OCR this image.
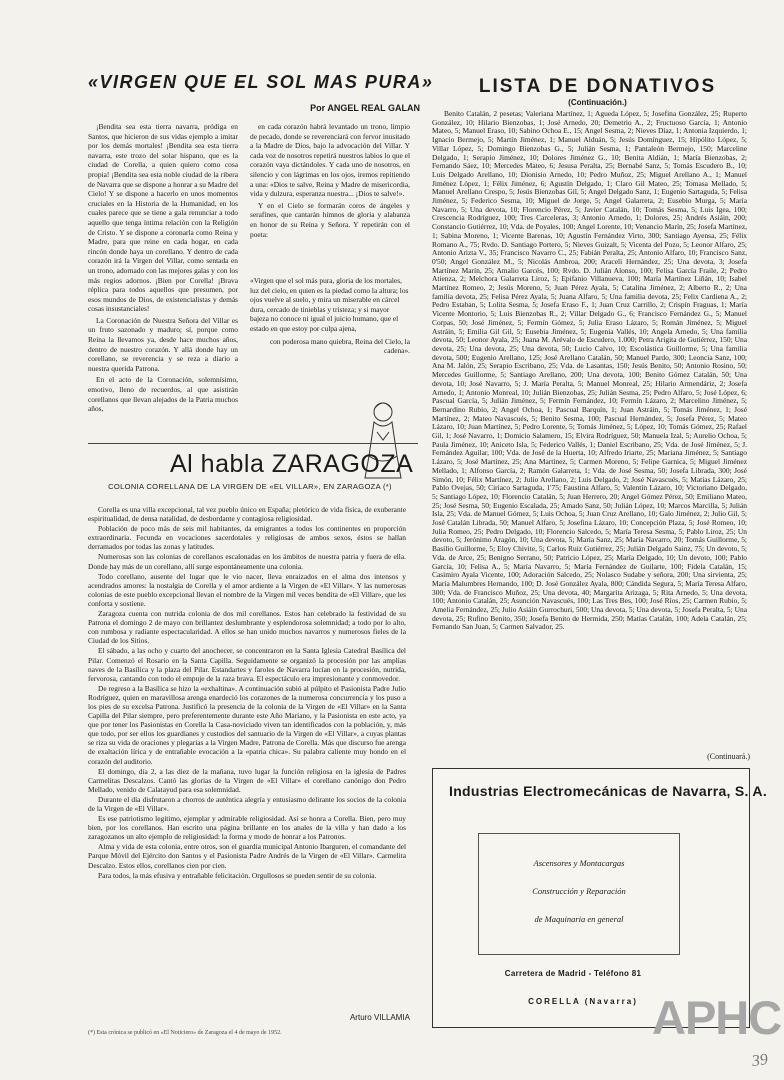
«VIRGEN QUE EL SOL MAS PURA»
Por ANGEL REAL GALAN

¡Bendita sea esta tierra navarra, pródiga en Santos, que hicieron de sus vidas ejemplo a imitar por los demás mortales! ¡Bendita sea esta tierra navarra, este trozo del solar hispano, que es la ciudad de Corella, a quien quiero como cosa propia! ¡Bendita sea esta noble ciudad de la ribera de Navarra que se dispone a honrar a su Madre del Cielo! Y se dispone a hacerlo en unos momentos cruciales en la Historia de la Humanidad, en los cuales parece que se tiene a gala renunciar a todo aquello que tenga íntima relación con la Religión de Cristo. Y se dispone a coronarla como Reina y Madre, para que reine en cada hogar, en cada rincón donde haya un corellano. Y dentro de cada corazón irá la Virgen del Villar, como sentada en un trono, adornado con las mejores galas y con los más regios adornos. ¡Bien por Corella! ¡Brava réplica para todos aquellos que presumen, por esos mundos de Dios, de existencialistas y demás cosas insustanciales!

La Coronación de Nuestra Señora del Villar es un fruto sazonado y maduro; sí, porque como Reina la llevamos ya, desde hace muchos años, dentro de nuestro corazón. Y allá donde hay un corellano, se reverencia y se reza a diario a nuestra querida Patrona.

En el acto de la Coronación, solemnísimo, emotivo, lleno de recuerdos, al que asistirán corellanos que llevan alejados de la Patria muchos años,

en cada corazón habrá levantado un trono, limpio de pecado, donde se reverenciará con fervor inusitado a la Madre de Dios, bajo la advocación del Villar. Y cada voz de nosotros repetirá nuestros labios lo que el corazón vaya dictándoles. Y cada uno de nosotros, en silencio y con lágrimas en los ojos, iremos repitiendo a una: «Dios te salve, Reina y Madre de misericordia, vida y dulzura, esperanza nuestra... ¡Dios te salve!».

Y en el Cielo se formarán coros de ángeles y serafines, que cantarán himnos de gloria y alabanza en honor de su Reina y Señora. Y repetirán con el poeta:

«Virgen que el sol más pura, gloria de los mortales, luz del cielo, en quien es la piedad como la altura; los ojos vuelve al suelo, y mira un miserable en cárcel dura, cercado de tinieblas y tristeza; y si mayor bajeza no conoce ni igual el juicio humano, que el estado en que estoy por culpa ajena,

con poderosa mano quiebra, Reina del Cielo, la cadena».

Al habla ZARAGOZA
COLONIA CORELLANA DE LA VIRGEN DE «EL VILLAR», EN ZARAGOZA (*)

Corella es una villa excepcional, tal vez pueblo único en España; pletórico de vida física, de exuberante espiritualidad, de densa natalidad, de desbordante y contagiosa religiosidad.

Población de poco más de seis mil habitantes, da emigrantes a todos los continentes en proporción extraordinaria. Fecunda en vocaciones sacerdotales y religiosas de ambos sexos, éstos se hallan derramados por todas las zonas y latitudes.

Numerosas son las colonias de corellanos escalonadas en los ámbitos de nuestra patria y fuera de ella. Donde hay más de un corellano, allí surge espontáneamente una colonia.

Todo corellano, ausente del lugar que le vio nacer, lleva enraizados en el alma dos intensos y acendrados amores: la nostalgia de Corella y el amor ardiente a la Virgen de «El Villar». Y las numerosas colonias de este pueblo excepcional llevan el nombre de la Virgen mil veces bendita de «El Villar», que les conforta y sostiene.

Zaragoza cuenta con nutrida colonia de dos mil corellanos. Estos han celebrado la festividad de su Patrona el domingo 2 de mayo con brillantez deslumbrante y esplendorosa solemnidad; a todo por lo alto, con rumbosa y radiante espectacularidad. A ellos se han unido muchos navarros y numerosos fieles de la Ciudad de los Sitios.

El sábado, a las ocho y cuarto del anochecer, se concentraron en la Santa Iglesia Catedral Basílica del Pilar. Comenzó el Rosario en la Santa Capilla. Seguidamente se organizó la procesión por las amplias naves de la Basílica y la plaza del Pilar. Estandartes y faroles de Navarra lucían en la procesión, nutrida, fervorosa, cantando con todo el empuje de la raza brava. El espectáculo era impresionante y conmovedor.

De regreso a la Basílica se hizo la «exhaltina». A continuación subió al púlpito el Pasionista Padre Julio Rodríguez, quien en maravillosa arenga enardeció los corazones de la numerosa concurrencia y los puso a los pies de su excelsa Patrona. Justificó la presencia de la colonia de la Virgen de «El Villar» en la Santa Capilla del Pilar siempre, pero preferentemente durante este Año Mariano, y la Pasionista en este acto, ya que por tener los Pasionistas en Corella la Casa-noviciado viven tan identificados con la población, y, más que todo, por ser ellos los guardianes y custodios del santuario de la Virgen de «El Villar», a cuyas plantas se riza su vida de oraciones y plegarias a la Virgen Madre, Patrona de Corella. Más que discurso fue arenga de exaltación lírica y de entrañable evocación a la «patria chica». Su palabra caliente muy hondo en el corazón del auditorio.

El domingo, día 2, a las diez de la mañana, tuvo lugar la función religiosa en la iglesia de Padres Carmelitas Descalzos. Cantó las glorias de la Virgen de «El Villar» el corellano canónigo don Pedro Mellado, venido de Calatayud para esa solemnidad.

Durante el día disfrutaron a chorros de auténtica alegría y entusiasmo delirante los socios de la colonia de la Virgen de «El Villar».

Es ese patriotismo legítimo, ejemplar y admirable religiosidad. Así se honra a Corella. Bien, pero muy bien, por los corellanos. Han escrito una página brillante en los anales de la villa y han dado a los zaragozanos un alto ejemplo de religiosidad: la forma y modo de honrar a los Patronos.

Alma y vida de esta colonia, entre otros, son el guardia municipal Antonio Ibarguren, el comandante del Parque Móvil del Ejército don Santos y el Pasionista Padre Andrés de la Virgen de «El Villar». Carmelita Descalzo. Estos ellos, corellanos cien por cien.

Para todos, la más efusiva y entrañable felicitación. Orgullosos se pueden sentir de su colonia.

Arturo VILLAMIA
(*) Esta crónica se publicó en «El Noticiero» de Zaragoza el 4 de mayo de 1952.
LISTA DE DONATIVOS
(Continuación.)
Benito Catalán, 2 pesetas; Valeriana Martínez, 1; Agueda López, 5; Josefina González, 25; Ruperto González, 10; Hilario Bienzobas, 1; José Arnedo, 20; Demetrio A., 2; Fructuoso García, 1; Antonio Mateo, 5; Manuel Eraso, 10; Sabino Ochoa E., 15; Angel Sesma, 2; Nieves Díaz, 1; Antonia Izquierdo, 1; Ignacio Bermejo, 5; Martín Jiménez, 1; Manuel Alduán, 5; Jesús Domínguez, 15; Hipólito López, 5; Villar López, 5; Domingo Bienzobas G., 5; Julián Sesma, 1; Pantaleón Bermejo, 150; Marceline Delgado, 1; Serapio Jiménez, 10; Dolores Jiménez G., 10; Benita Aldián, 1; María Bienzobas, 2; Fernando Sáez, 10; Mercedes Mateo, 6; Jesusa Peralta, 25; Bernabé Sanz, 5; Tomás Escudero B., 10; Luis Delgado Arellano, 10; Dionisio Arnedo, 10; Pedro Muñoz, 25; Miguel Arellano A., 1; Manuel Jiménez López, 1; Félix Jiménez, 6; Agustín Delgado, 1; Claro Gil Mateo, 25; Tomasa Mellado, 5; Manuel Arellano Crespo, 5; Jesús Bienzobas Gil, 5; Angel Delgado Sanz, 1; Eugenio Sartaguda, 5; Felisa Jiménez, 5; Federico Sesma, 10; Miguel de Jorge, 5; Angel Galarreta, 2; Eusebio Murga, 5; María Navarro, 5; Una devota, 10; Florencio Pérez, 5; Javier Catalán, 10; Tomás Sesma, 5; Luis Igea, 100; Crescencia Rodríguez, 100; Tres Carceleras, 3; Antonio Arnedo, 1; Dolores, 25; Andrés Asiáin, 200; Constancio Gutiérrez, 10; Vda. de Poyales, 100; Angel Lorente, 10; Venancio Marín, 25; Josefa Martínez, 1; Sabina Moreno, 1; Vicente Barenas, 10; Agustín Fernández Virto, 300; Santiago Ayensa, 25; Félix Romano A., 75; Rvdo. D. Santiago Portero, 5; Nieves Guizalt, 5; Vicenta del Pozo, 5; Leonor Alfaro, 25; Antonio Arizta V., 35; Francisco Navarro C., 25; Fabián Peralta, 25; Antonio Alfaro, 10; Francisco Sanz, 0'50; Angel González M., 5; Nicolás Ambroa, 200; Araceli Hernández, 25; Una devota, 3; Josefa Martínez Marín, 25; Amalio Garcés, 100; Rvdo. D. Julián Alonso, 100; Felisa García Fraile, 2; Pedro Atienza, 2; Melchora Galarreta Liroz, 5; Epifanio Villanueva, 100; María Martínez Liñán, 10; Isabel Martínez Romeo, 2; Jesús Moreno, 5; Juan Pérez Ayala, 5; Catalina Jiménez, 2; Alberto R., 2; Una familia devota, 25; Felisa Pérez Ayala, 5; Juana Alfaro, 5; Una familia devota, 25; Felix Cardiena A., 2; Pedro Estaban, 5; Lolita Sesma, 5; Josefa Eraso F., 1; Juan Cruz Carrillo, 2; Crispín Fraguas, 1; María Vicente Montorio, 5; Luis Bienzobas R., 2; Villar Delgado G., 6; Francisco Fernández G., 5; Manuel Corpas, 50; José Jiménez, 5; Fermín Gómez, 5; Julia Eraso Lázaro, 5; Román Jiménez, 5; Miguel Astráin, 5; Emilia Gil Gil, 5; Eusebia Jiménez, 5; Eugenia Vallés, 10; Angela Arnedo, 5; Una familia devota, 50; Leonor Ayala, 25; Juana M. Arévalo de Escudero, 1.000; Petra Arigita de Gutiérrez, 150; Una devota, 25; Una devota, 25; Una devota, 50; Lucio Calvo, 10; Escolástica Guillorme, 5; Una familia devota, 500; Eugenio Arellano, 125; José Arellano Catalán, 50; Manuel Pardo, 300; Leoncia Sanz, 100; Ana M. Jalón, 25; Serapio Escribano, 25; Vda. de Lasantas, 150; Jesús Benito, 50; Antonio Rosino, 50; Mercedes Guillorme, 5; Santiago Arellano, 200; Una devota, 100; Benito Gómez Catalán, 50; Una devota, 10; José Navarro, 5; J. María Peralta, 5; Manuel Monreal, 25; Hilario Armendáriz, 2; Josefa Arnedo, 1; Antonio Monreal, 10; Julián Bienzobas, 25; Julián Sesma, 25; Pedro Alfaro, 5; José López, 6; Pascual García, 5; Julián Jiménez, 5; Fermín Fernández, 10; Fermín Lázaro, 2; Marcelino Jiménez, 5; Bernardino Rubio, 2; Angel Ochoa, 1; Pascual Barquín, 1; Juan Astráin, 5; Tomás Jiménez, 1; José Martínez, 2; Mateo Navascués, 5; Benito Sesma, 100; Pascual Hernández, 5; Josefa Pérez, 5; Mateo Lázaro, 10; Juan Martínez, 5; Pedro Lorente, 5; Tomás Jiménez, 5; López, 10; Tomás Gómez, 25; Rafael Gil, 1; José Navarro, 1; Domicio Salamero, 15; Elvira Rodríguez, 50; Manuela Izal, 5; Aurelio Ochoa, 5; Paula Jiménez, 10; Aniceto Isla, 5; Federico Vallés, 1; Daniel Escribano, 25; Vda. de José Jiménez, 5; J. Fernández Aguilar, 100; Vda. de José de la Huerta, 10; Alfredo Iriarte, 25; Mariana Jiménez, 5; Santiago Lázaro, 5; José Martínez, 25; Ana Martínez, 5; Carmen Moreno, 5; Felipe Garnica, 5; Miguel Jiménez Mellado, 1; Alfonso García, 2; Ramón Galarreta, 1; Vda. de José Sesma, 50; Josefa Librada, 300; José Simón, 10; Félix Martínez, 2; Julio Arellano, 2; Luis Delgado, 2; José Navascués, 5; Matías Lázaro, 25; Pablo Ovejas, 50; Ciriaco Sartaguda, 1'75; Faustina Alfaro, 5; Valentín Lázaro, 10; Victoriano Delgado, 5; Santiago López, 10; Florencio Catalán, 5; Juan Herrero, 20; Angel Gómez Pérez, 50; Emiliano Mateo, 25; José Sesma, 50; Eugenio Escalada, 25; Amado Sanz, 50; Julián López, 10; Marcos Marcilla, 5; Julián Isla, 25; Vda. de Manuel Gómez, 5; Luis Ochoa, 5; Juan Cruz Arellano, 10; Galo Jiménez, 2; Julio Gil, 5; José Catalán Librada, 50; Manuel Alfaro, 5; Josefina Lázaro, 10; Concepción Plaza, 5; José Romeo, 10; Julia Romeo, 25; Pedro Delgado, 10; Florencio Salcedo, 5; María Teresa Sesma, 5; Pablo Liroz, 25; Un devoto, 5; Jerónimo Aragón, 10; Una devota, 5; María Sanz, 25; María Navarro, 20; Tomás Guillorme, 5; Basilio Guillorme, 5; Eloy Chivite, 5; Carlos Ruiz Gutiérrez, 25; Julián Delgado Sainz, 75; Un devoto, 5; Vda. de Arce, 25; Benigno Serrano, 50; Patricio López, 25; María Delgado, 10; Un devoto, 100; Pablo García, 10; Felisa A., 5; María Navarro, 5; María Fernández de Guilarte, 100; Fidela Catalán, 15; Casimiro Ayala Vicente, 100; Adoración Salcedo, 25; Nolasco Sudabe y señora, 200; Una sirvienta, 25; María Malumbres Hernando, 100; D. José González Ayala, 800; Cándida Segura, 5; María Teresa Alfaro, 300; Vda. de Francisco Muñoz, 25; Una devota, 40; Margarita Arizaga, 5; Rita Arnedo, 5; Una devota, 100; Antonio Catalán, 25; Asunción Navascués, 100; Las Tres Bes, 100; José Ríos, 25; Carmen Rubio, 5; Amelia Fernández, 25; Julio Asiáin Gurrochuri, 500; Una devota, 5; Una devota, 5; Josefa Peralta, 5; Una devota, 25; Rufino Benito, 350; Josefa Benito de Hermida, 250; Matías Catalán, 100; Adela Catalán, 25; Fernando San Juan, 5; Carmen Salvador, 25.
(Continuará.)
Industrias Electromecánicas de Navarra, S. A.
Ascensores y Montacargas
Construcción y Reparación
de Maquinaria en general
Carretera de Madrid - Teléfono 81
CORELLA (Navarra) APHC
39
